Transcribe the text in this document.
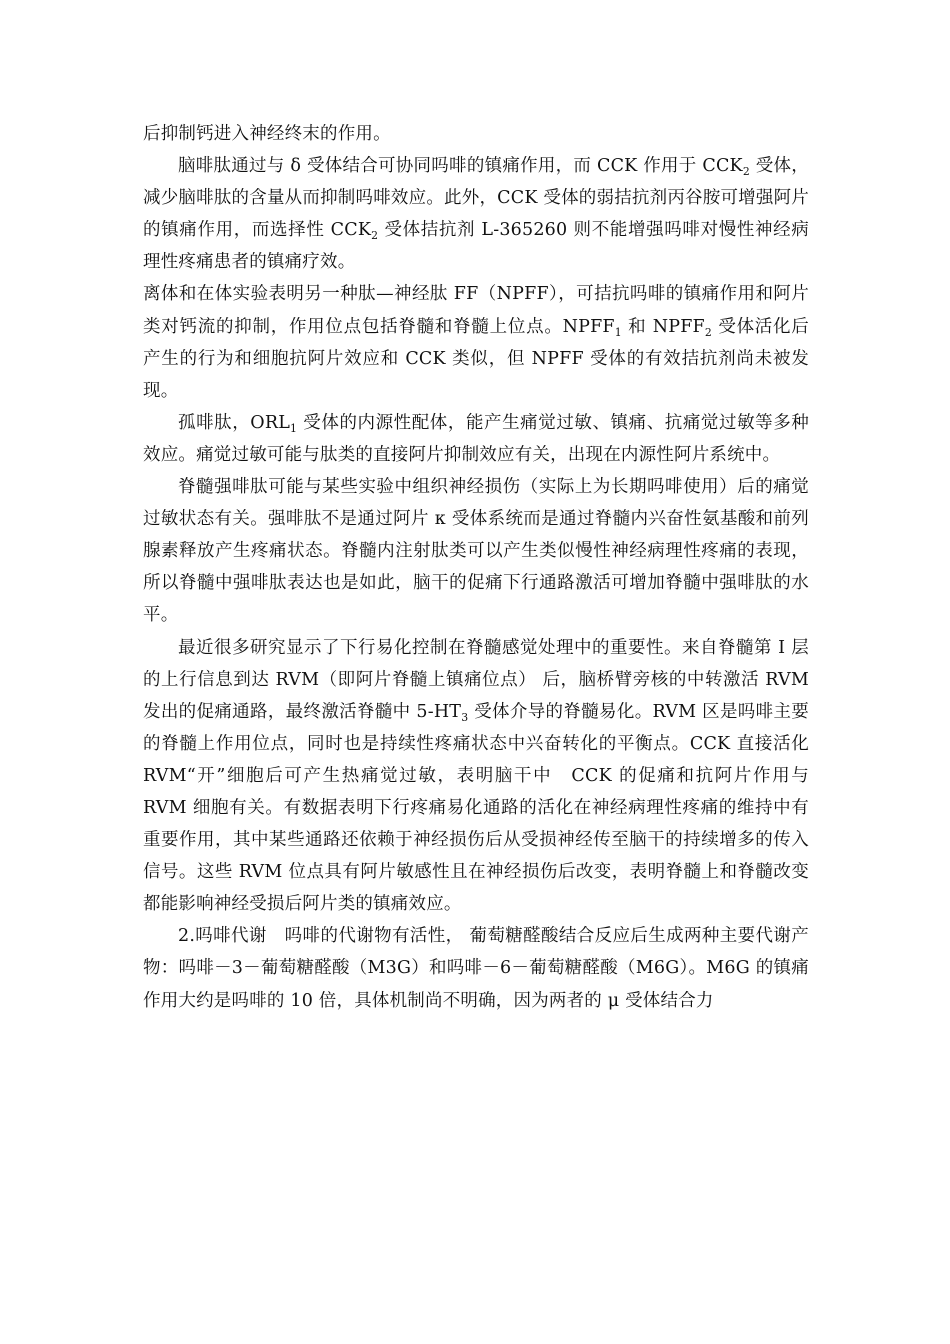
后抑制钙进入神经终末的作用。

脑啡肽通过与 δ 受体结合可协同吗啡的镇痛作用，而 CCK 作用于 $CCK_2$ 受体，减少脑啡肽的含量从而抑制吗啡效应。此外，CCK 受体的弱拮抗剂丙谷胺可增强阿片的镇痛作用，而选择性 $CCK_2$ 受体拮抗剂 L-365260 则不能增强吗啡对慢性神经病理性疼痛患者的镇痛疗效。

离体和在体实验表明另一种肽—神经肽 FF（NPFF），可拮抗吗啡的镇痛作用和阿片类对钙流的抑制，作用位点包括脊髓和脊髓上位点。$NPFF_1$ 和 $NPFF_2$ 受体活化后产生的行为和细胞抗阿片效应和 CCK 类似，但 NPFF 受体的有效拮抗剂尚未被发现。

孤啡肽，$ORL_1$ 受体的内源性配体，能产生痛觉过敏、镇痛、抗痛觉过敏等多种效应。痛觉过敏可能与肽类的直接阿片抑制效应有关，出现在内源性阿片系统中。

脊髓强啡肽可能与某些实验中组织神经损伤（实际上为长期吗啡使用）后的痛觉过敏状态有关。强啡肽不是通过阿片 κ 受体系统而是通过脊髓内兴奋性氨基酸和前列腺素释放产生疼痛状态。脊髓内注射肽类可以产生类似慢性神经病理性疼痛的表现，所以脊髓中强啡肽表达也是如此，脑干的促痛下行通路激活可增加脊髓中强啡肽的水平。

最近很多研究显示了下行易化控制在脊髓感觉处理中的重要性。来自脊髓第 I 层的上行信息到达 RVM（即阿片脊髓上镇痛位点） 后，脑桥臂旁核的中转激活 RVM 发出的促痛通路，最终激活脊髓中 $5-HT_3$ 受体介导的脊髓易化。RVM 区是吗啡主要的脊髓上作用位点，同时也是持续性疼痛状态中兴奋转化的平衡点。CCK 直接活化 RVM“开”细胞后可产生热痛觉过敏，表明脑干中　CCK 的促痛和抗阿片作用与 RVM 细胞有关。有数据表明下行疼痛易化通路的活化在神经病理性疼痛的维持中有重要作用，其中某些通路还依赖于神经损伤后从受损神经传至脑干的持续增多的传入信号。这些 RVM 位点具有阿片敏感性且在神经损伤后改变，表明脊髓上和脊髓改变都能影响神经受损后阿片类的镇痛效应。

2.吗啡代谢　吗啡的代谢物有活性， 葡萄糖醛酸结合反应后生成两种主要代谢产物：吗啡－3－葡萄糖醛酸（M3G）和吗啡－6－葡萄糖醛酸（M6G）。M6G 的镇痛作用大约是吗啡的 10 倍，具体机制尚不明确，因为两者的 μ 受体结合力
